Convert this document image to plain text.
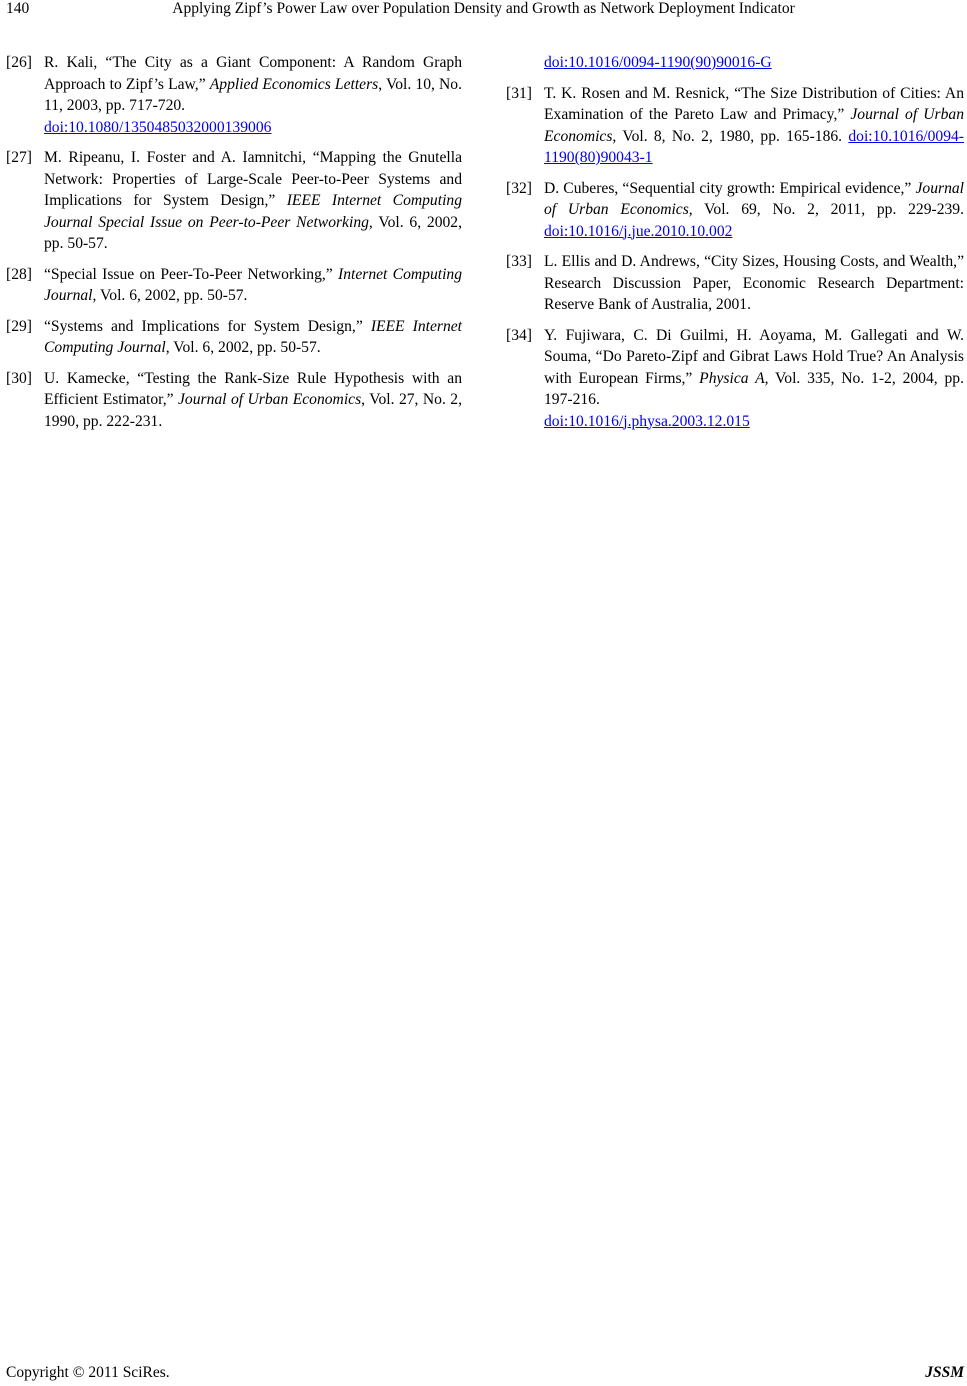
140	Applying Zipf’s Power Law over Population Density and Growth as Network Deployment Indicator
[26] R. Kali, “The City as a Giant Component: A Random Graph Approach to Zipf’s Law,” Applied Economics Letters, Vol. 10, No. 11, 2003, pp. 717-720.
doi:10.1080/1350485032000139006
[27] M. Ripeanu, I. Foster and A. Iamnitchi, “Mapping the Gnutella Network: Properties of Large-Scale Peer-to-Peer Systems and Implications for System Design,” IEEE Internet Computing Journal Special Issue on Peer-to-Peer Networking, Vol. 6, 2002, pp. 50-57.
[28] “Special Issue on Peer-To-Peer Networking,” Internet Computing Journal, Vol. 6, 2002, pp. 50-57.
[29] “Systems and Implications for System Design,” IEEE Internet Computing Journal, Vol. 6, 2002, pp. 50-57.
[30] U. Kamecke, “Testing the Rank-Size Rule Hypothesis with an Efficient Estimator,” Journal of Urban Economics, Vol. 27, No. 2, 1990, pp. 222-231.
doi:10.1016/0094-1190(90)90016-G
[31] T. K. Rosen and M. Resnick, “The Size Distribution of Cities: An Examination of the Pareto Law and Primacy,” Journal of Urban Economics, Vol. 8, No. 2, 1980, pp. 165-186. doi:10.1016/0094-1190(80)90043-1
[32] D. Cuberes, “Sequential city growth: Empirical evidence,” Journal of Urban Economics, Vol. 69, No. 2, 2011, pp. 229-239. doi:10.1016/j.jue.2010.10.002
[33] L. Ellis and D. Andrews, “City Sizes, Housing Costs, and Wealth,” Research Discussion Paper, Economic Research Department: Reserve Bank of Australia, 2001.
[34] Y. Fujiwara, C. Di Guilmi, H. Aoyama, M. Gallegati and W. Souma, “Do Pareto-Zipf and Gibrat Laws Hold True? An Analysis with European Firms,” Physica A, Vol. 335, No. 1-2, 2004, pp. 197-216.
doi:10.1016/j.physa.2003.12.015
Copyright © 2011 SciRes.	JSSM
